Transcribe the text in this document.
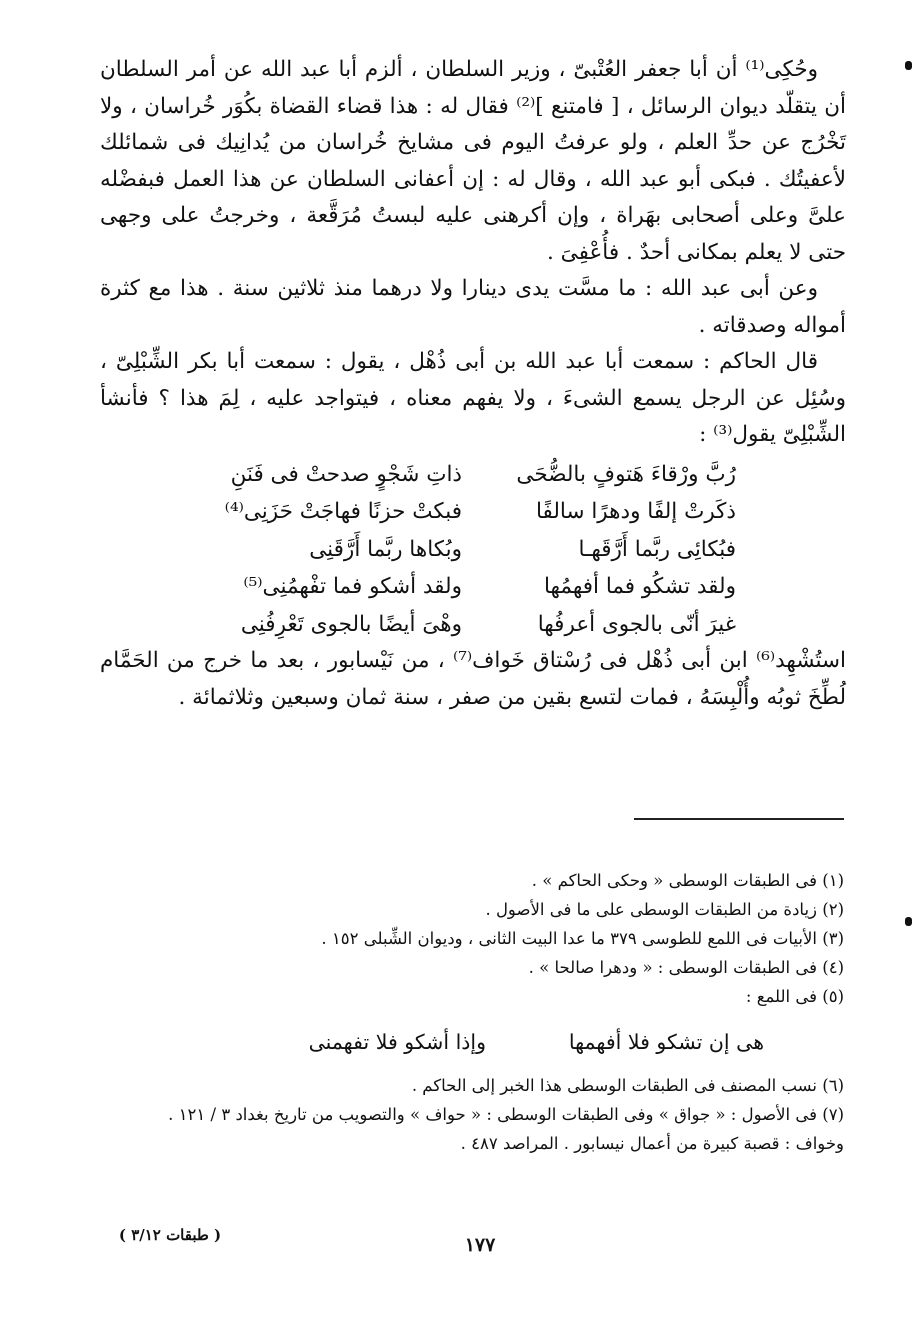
وحُكِى⁽¹⁾ أن أبا جعفر العُتْبىّ ، وزير السلطان ، ألزم أبا عبد الله عن أمر السلطان أن يتقلّد ديوان الرسائل ، [ فامتنع ]⁽²⁾ فقال له : هذا قضاء القضاة بكُوَر خُراسان ، ولا تَخْرُج عن حدِّ العلم ، ولو عرفتُ اليوم فى مشايخ خُراسان من يُدانِيك فى شمائلك لأعفيتُك . فبكى أبو عبد الله ، وقال له : إن أعفانى السلطان عن هذا العمل فبفضْله علىَّ وعلى أصحابى بهَراة ، وإن أكرهنى عليه لبستُ مُرَقَّعة ، وخرجتُ على وجهى حتى لا يعلم بمكانى أحدٌ . فأُعْفِىَ .

وعن أبى عبد الله : ما مسَّت يدى دينارا ولا درهما منذ ثلاثين سنة . هذا مع كثرة أمواله وصدقاته .

قال الحاكم : سمعت أبا عبد الله بن أبى ذُهْل ، يقول : سمعت أبا بكر الشِّبْلِىّ ، وسُئِل عن الرجل يسمع الشىءَ ، ولا يفهم معناه ، فيتواجد عليه ، لِمَ هذا ؟ فأنشأ الشِّبْلِىّ يقول⁽³⁾ :

رُبَّ ورْقاءَ هَتوفٍ بالضُّحَى
ذاتِ شَجْوٍ صدحتْ فى فَنَنِ
ذكَرتْ إلفًا ودهرًا سالفًا
فبكتْ حزنًا فهاجَتْ حَزَنِى⁽⁴⁾
فبُكائِى ربَّما أَرَّقَهـا
وبُكاها ربَّما أَرَّقَنِى
ولقد تشكُو فما أفهمُها
ولقد أشكو فما تفْهمُنِى⁽⁵⁾
غيرَ أنّى بالجوى أعرفُها
وهْىَ أيضًا بالجوى تَعْرِفُنِى

استُشْهِد⁽⁶⁾ ابن أبى ذُهْل فى رُسْتاق خَواف⁽⁷⁾ ، من نَيْسابور ، بعد ما خرج من الحَمَّام لُطِّخَ ثوبُه وأُلْبِسَهُ ، فمات لتسع بقين من صفر ، سنة ثمان وسبعين وثلاثمائة .

(١) فى الطبقات الوسطى « وحكى الحاكم » .
(٢) زيادة من الطبقات الوسطى على ما فى الأصول .
(٣) الأبيات فى اللمع للطوسى ٣٧٩ ما عدا البيت الثانى ، وديوان الشِّبلى ١٥٢ .
(٤) فى الطبقات الوسطى : « ودهرا صالحا » .
(٥) فى اللمع :
هى إن تشكو فلا أفهمها
وإذا أشكو فلا تفهمنى
(٦) نسب المصنف فى الطبقات الوسطى هذا الخبر إلى الحاكم .
(٧) فى الأصول : « جواق » وفى الطبقات الوسطى : « حواف » والتصويب من تاريخ بغداد ٣ / ١٢١ .
وخواف : قصبة كبيرة من أعمال نيسابور . المراصد ٤٨٧ .
١٧٧
( طبقات ٣/١٢ )
